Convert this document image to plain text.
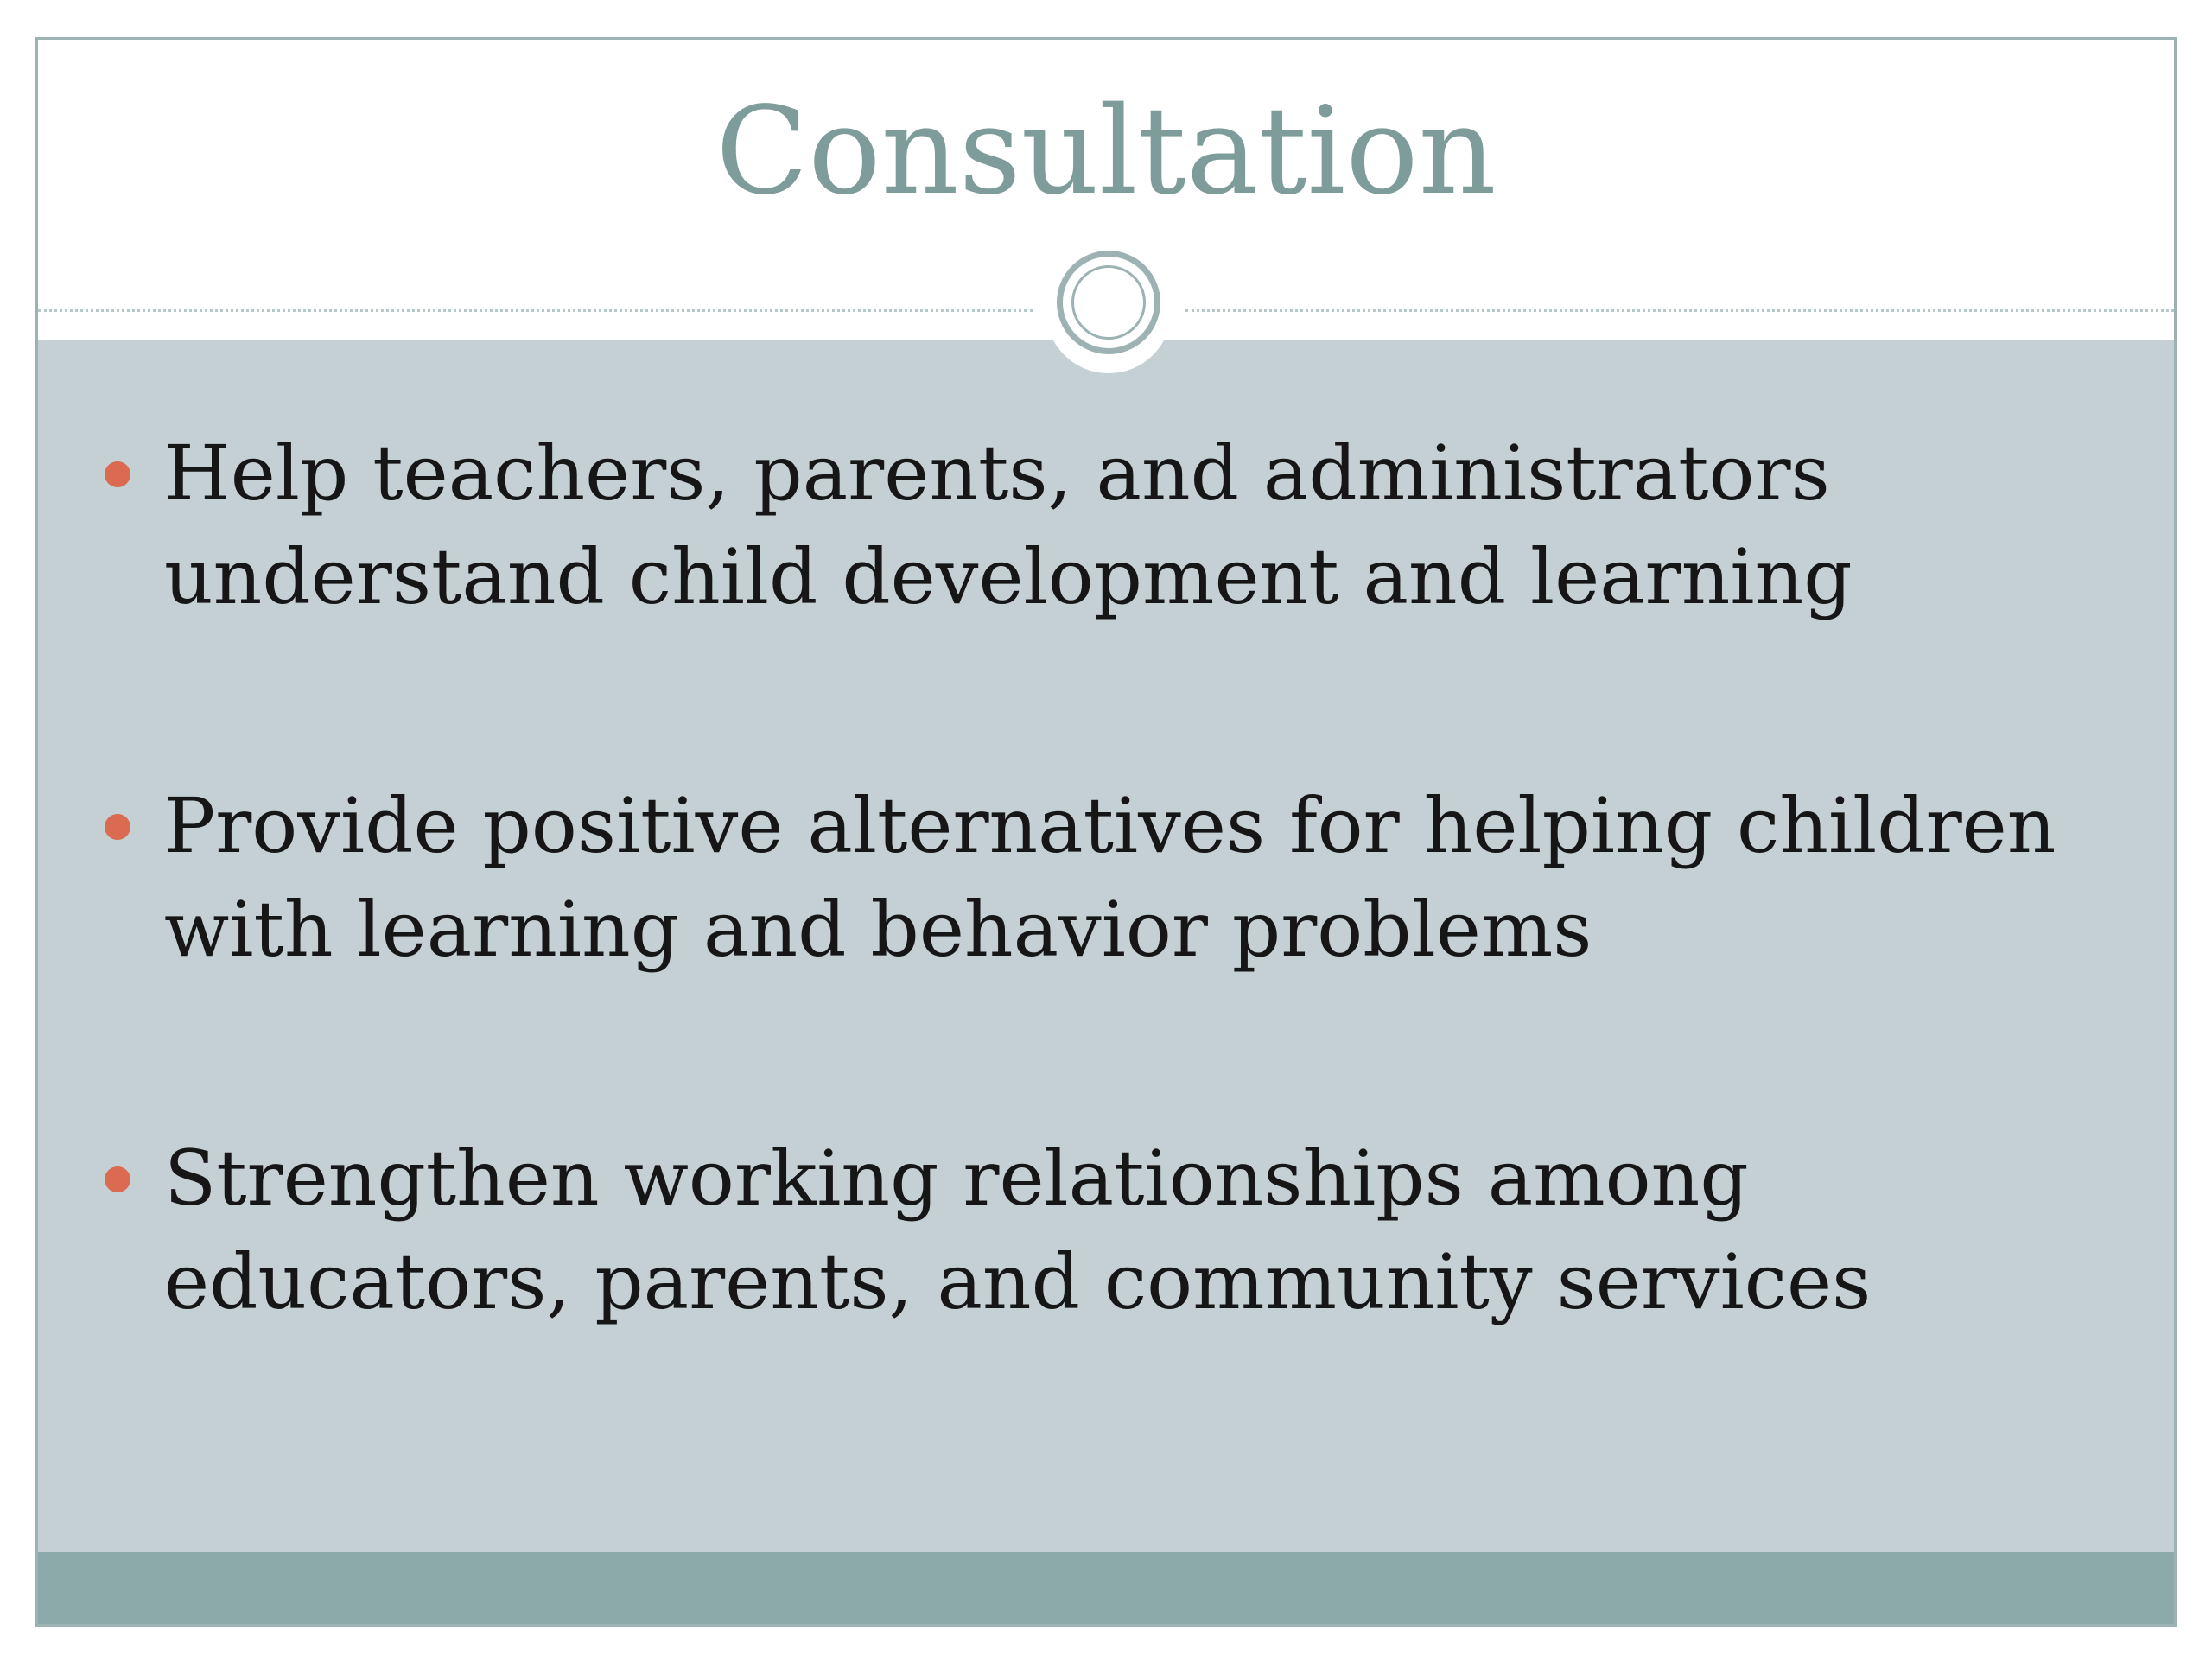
Consultation

Help teachers, parents, and administrators
understand child development and learning

Provide positive alternatives for helping children
with learning and behavior problems

Strengthen working relationships among
educators, parents, and community services
